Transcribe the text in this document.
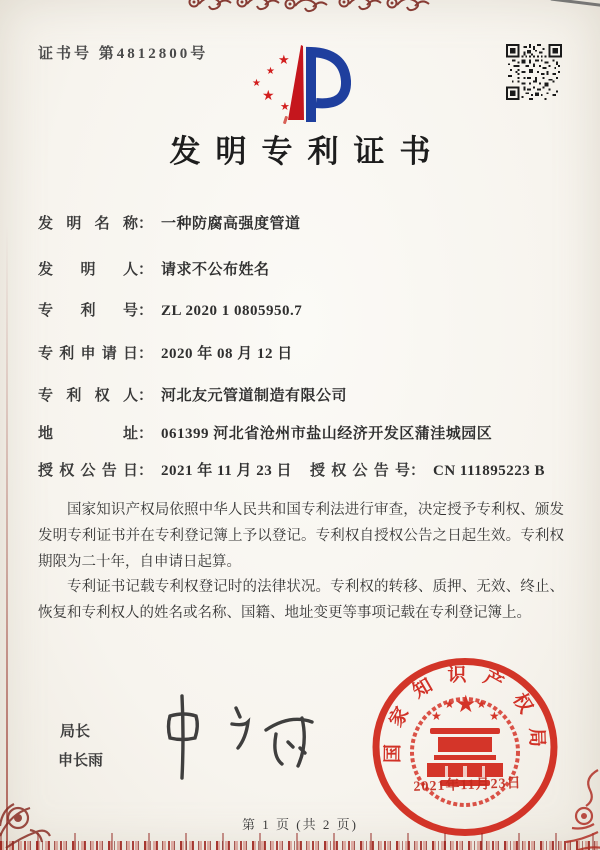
证书号 第4812800号	★
★
★
★
★
发明专利证书
发明名称： 一种防腐高强度管道
发明人： 请求不公布姓名
专利号： ZL 2020 1 0805950.7
专利申请日： 2020 年 08 月 12 日
专利权人： 河北友元管道制造有限公司
地址： 061399 河北省沧州市盐山经济开发区蒲洼城园区
授权公告日： 2021 年 11 月 23 日 授权公告号： CN 111895223 B

国家知识产权局依照中华人民共和国专利法进行审查，决定授予专利权、颁发发明专利证书并在专利登记簿上予以登记。专利权自授权公告之日起生效。专利权期限为二十年，自申请日起算。

专利证书记载专利权登记时的法律状况。专利权的转移、质押、无效、终止、恢复和专利权人的姓名或名称、国籍、地址变更等事项记载在专利登记簿上。

局长
申长雨	国家知识产权局
★
★
★ ★
★
2021年11月23日
第 1 页 (共 2 页)
